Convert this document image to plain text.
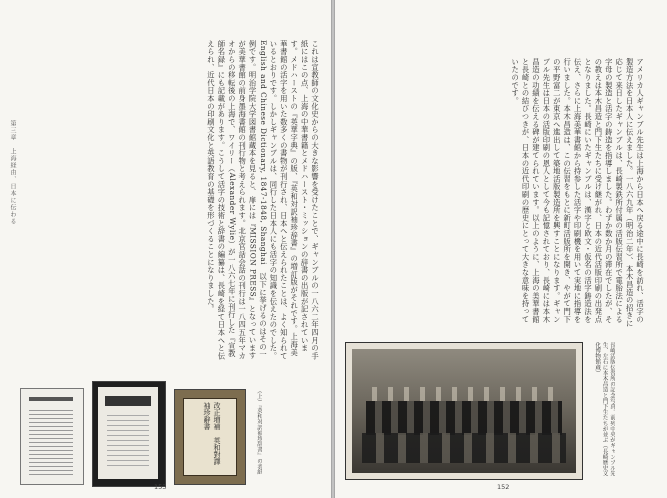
第三章　上海経由、日本に伝わる	これは宣教師の文化史からの大きな影響を受けたことで、ギャンブルの一八六二年四月の手紙にはこの点、上海の中華書籍とメドハースト・ミッションの辞書の出版が記されています。メドハーストの『英華字典』の版、『英和対訳袖珍辞書』の増訂版がそれです。上海美華書館の活字を用いた数多くの書物が刊行され、日本へと伝えられたことは、よく知られているとおりです。しかしギャンブルは、同行した日本人にも活字の知識を伝えたのでした。English and Chinese Dictionary, 1847-1848, Shanghai　以下に挙げるのはその一例です。明治学院大学図書館蔵本を見ると、扉には『MISSION PRESS』となっていますが美華書館の前身墨海書館の刊行物と考えられます。北京官話会話の刊行は一八四五年マカオからの移転後の上海で、ワイリー（Alexander Wylie）が一八六七年に刊行した『宣教師名録』にも記載があります。こうして活字の技術と辞書の編纂は、長崎を経て日本へと伝えられ、近代日本の印刷文化と英語教育の基礎を形づくることになりました。
改正増補　英和對譯袖珍辭書	（上）『英和対訳袖珍辞書』の表紙
153
アメリカ人ギャンブル先生は上海から日本へ戻る途中に長崎を訪れ、活字の製造方法を日本人に伝えました。一八六九年（明治二年）、本木昌造の招きに応じて来日したギャンブルは、長崎製鉄所付属の活版伝習所で電胎法による字母の製造と活字の鋳造を指導しました。わずか数か月の滞在でしたが、その教えは本木昌造と門下生たちに受け継がれ、日本の近代活版印刷の出発点となりました。長崎にいたギャンブルは、漢字と欧文・仮名の活字鋳造法を伝え、さらに上海美華書館から持参した活字や印刷機を用いて実地に指導を行いました。本木昌造は、この伝習をもとに新町活版所を開き、やがて門下の平野富二が東京へ進出して築地活版製造所を興すことになります。ギャンブル先生は日本の活版印刷の恩人として今も記憶されており、長崎には本木昌造の功績を伝える碑が建てられています。以上のように、上海の美華書館と長崎との結びつきが、日本の近代印刷の歴史にとって大きな意味を持っていたのです。
長崎活版伝習所の記念写真。前列中央がギャンブル先生、左右に本木昌造と門下生たちが並ぶ（長崎歴史文化博物館蔵）
152
